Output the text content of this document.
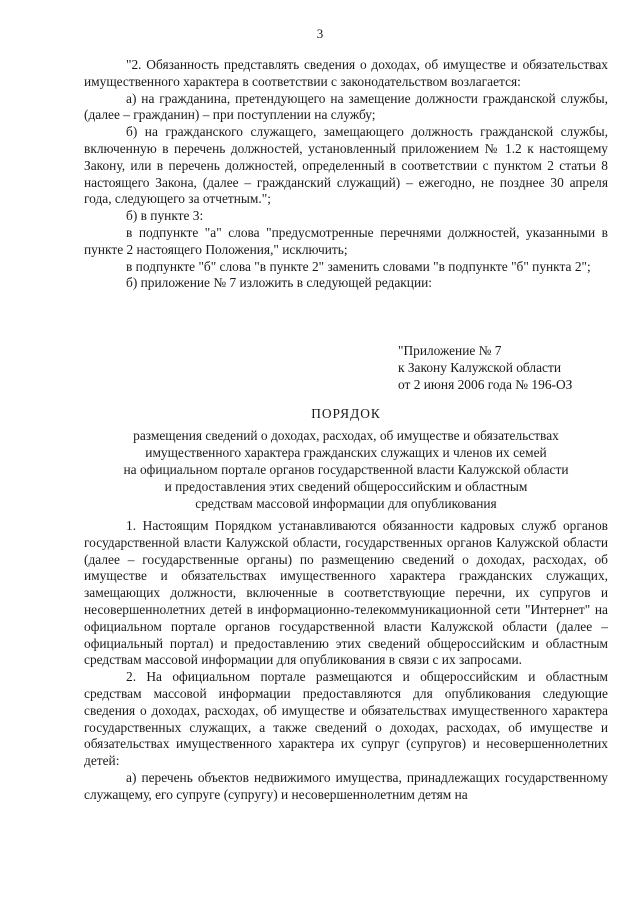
3

"2. Обязанность представлять сведения о доходах, об имуществе и обязательствах имущественного характера в соответствии с законодательством возлагается:

а) на гражданина, претендующего на замещение должности гражданской службы, (далее – гражданин) – при поступлении на службу;

б) на гражданского служащего, замещающего должность гражданской службы, включенную в перечень должностей, установленный приложением № 1.2 к настоящему Закону, или в перечень должностей, определенный в соответствии с пунктом 2 статьи 8 настоящего Закона, (далее – гражданский служащий) – ежегодно, не позднее 30 апреля года, следующего за отчетным.";

б) в пункте 3:

в подпункте "а" слова "предусмотренные перечнями должностей, указанными в пункте 2 настоящего Положения," исключить;

в подпункте "б" слова "в пункте 2" заменить словами "в подпункте "б" пункта 2";

б) приложение № 7 изложить в следующей редакции:

"Приложение № 7
к Закону Калужской области
от 2 июня 2006 года № 196-ОЗ
ПОРЯДОК
размещения сведений о доходах, расходах, об имуществе и обязательствах
имущественного характера гражданских служащих и членов их семей
на официальном портале органов государственной власти Калужской области
и предоставления этих сведений общероссийским и областным
средствам массовой информации для опубликования

1. Настоящим Порядком устанавливаются обязанности кадровых служб органов государственной власти Калужской области, государственных органов Калужской области (далее – государственные органы) по размещению сведений о доходах, расходах, об имуществе и обязательствах имущественного характера гражданских служащих, замещающих должности, включенные в соответствующие перечни, их супругов и несовершеннолетних детей в информационно-телекоммуникационной сети "Интернет" на официальном портале органов государственной власти Калужской области (далее – официальный портал) и предоставлению этих сведений общероссийским и областным средствам массовой информации для опубликования в связи с их запросами.

2. На официальном портале размещаются и общероссийским и областным средствам массовой информации предоставляются для опубликования следующие сведения о доходах, расходах, об имуществе и обязательствах имущественного характера государственных служащих, а также сведений о доходах, расходах, об имуществе и обязательствах имущественного характера их супруг (супругов) и несовершеннолетних детей:

а) перечень объектов недвижимого имущества, принадлежащих государственному служащему, его супруге (супругу) и несовершеннолетним детям на
